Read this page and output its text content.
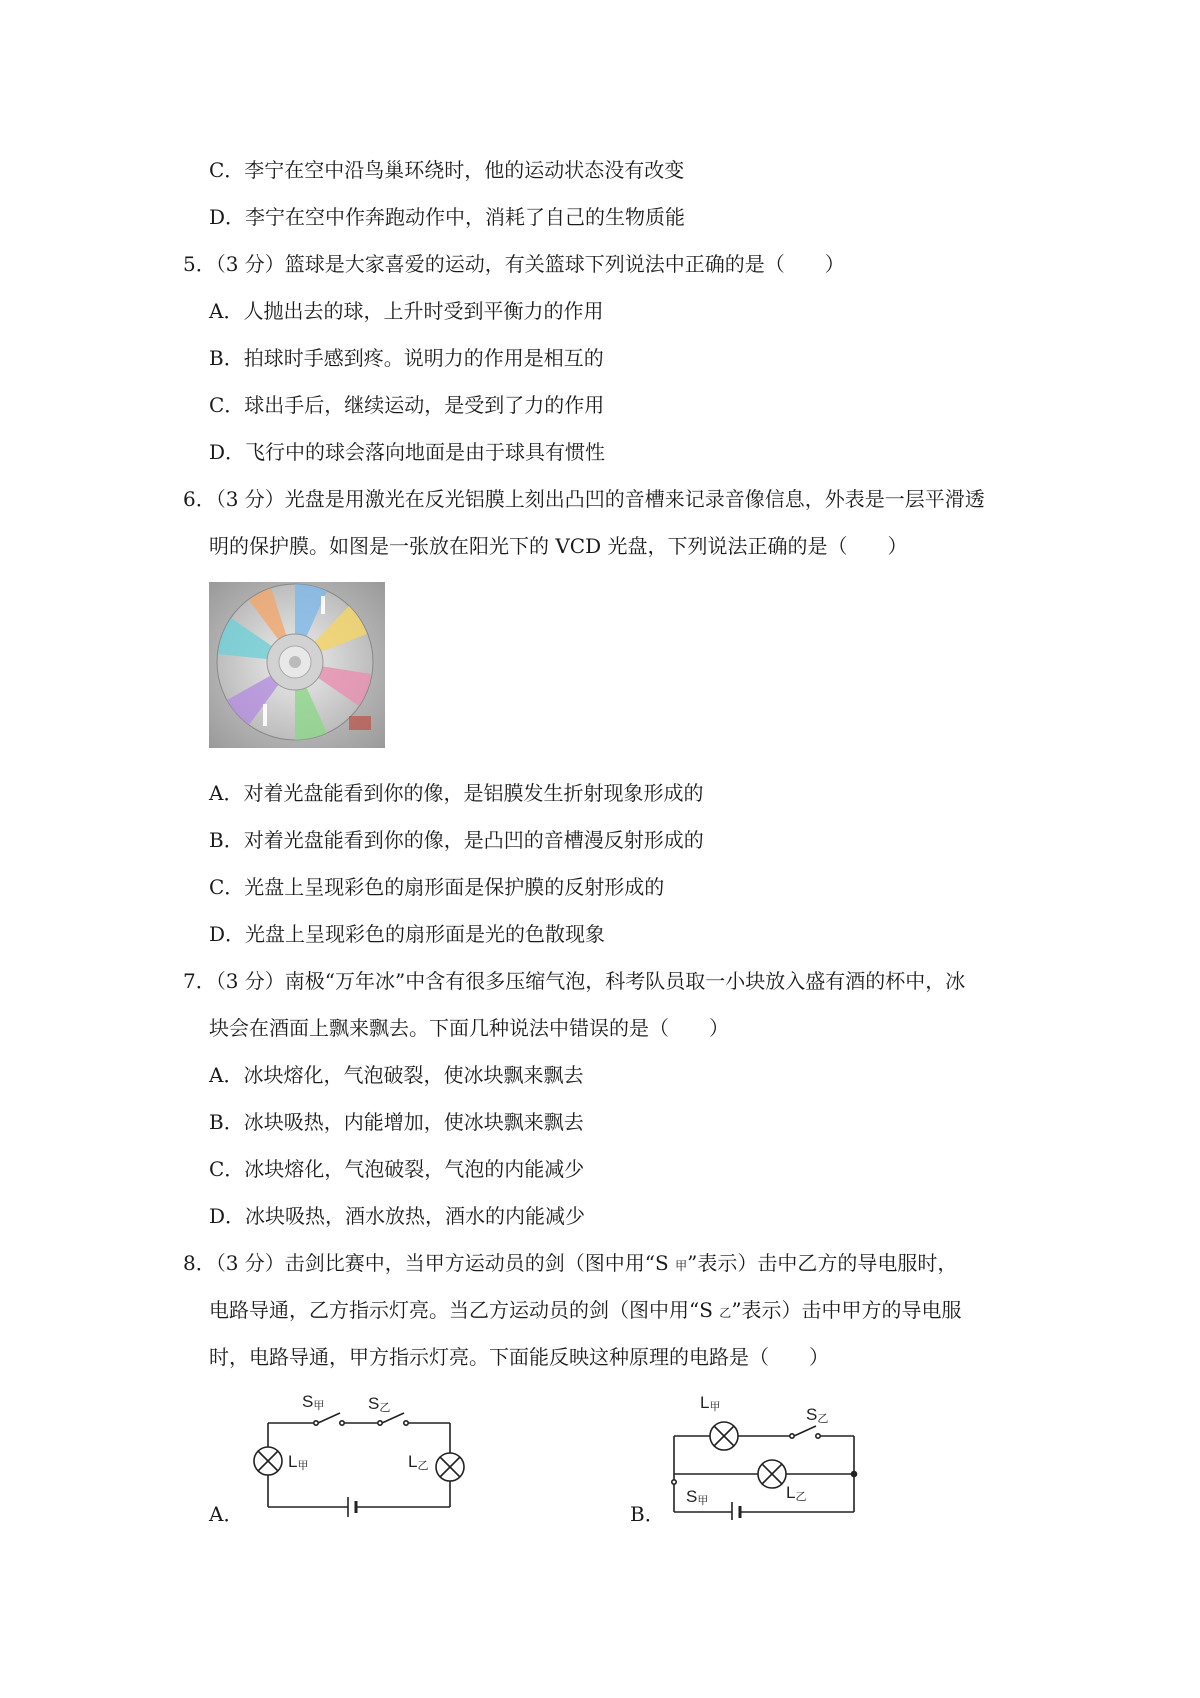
C．李宁在空中沿鸟巢环绕时，他的运动状态没有改变
D．李宁在空中作奔跑动作中，消耗了自己的生物质能
5．（3 分）篮球是大家喜爱的运动，有关篮球下列说法中正确的是（　　）
A．人抛出去的球，上升时受到平衡力的作用
B．拍球时手感到疼。说明力的作用是相互的
C．球出手后，继续运动，是受到了力的作用
D．飞行中的球会落向地面是由于球具有惯性
6．（3 分）光盘是用激光在反光铝膜上刻出凸凹的音槽来记录音像信息，外表是一层平滑透
明的保护膜。如图是一张放在阳光下的 VCD 光盘，下列说法正确的是（　　）
A．对着光盘能看到你的像，是铝膜发生折射现象形成的
B．对着光盘能看到你的像，是凸凹的音槽漫反射形成的
C．光盘上呈现彩色的扇形面是保护膜的反射形成的
D．光盘上呈现彩色的扇形面是光的色散现象
7．（3 分）南极“万年冰”中含有很多压缩气泡，科考队员取一小块放入盛有酒的杯中，冰
块会在酒面上飘来飘去。下面几种说法中错误的是（　　）
A．冰块熔化，气泡破裂，使冰块飘来飘去
B．冰块吸热，内能增加，使冰块飘来飘去
C．冰块熔化，气泡破裂，气泡的内能减少
D．冰块吸热，酒水放热，酒水的内能减少
8．（3 分）击剑比赛中，当甲方运动员的剑（图中用“S 甲”表示）击中乙方的导电服时，
电路导通，乙方指示灯亮。当乙方运动员的剑（图中用“S 乙”表示）击中甲方的导电服
时，电路导通，甲方指示灯亮。下面能反映这种原理的电路是（　　）
A．
S甲	S乙
L甲	L乙
B．
L甲	S乙
S甲	L乙
